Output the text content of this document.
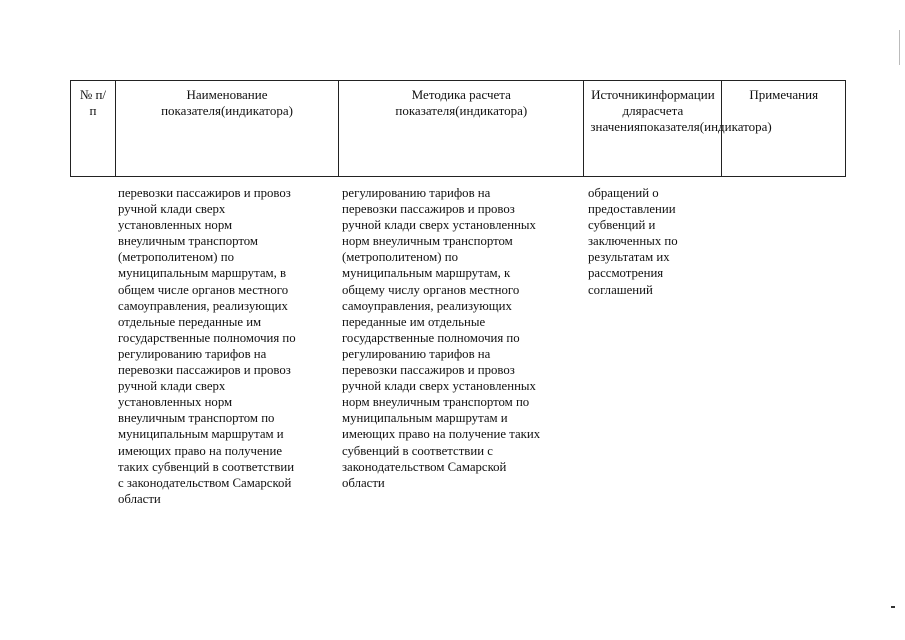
№ п/п
Наименование показателя(индикатора)
Методика расчета показателя(индикатора)
Источникинформации длярасчета значенияпоказателя(индикатора)
Примечания
перевозки пассажиров и провоз
ручной клади сверх
установленных норм
внеуличным транспортом
(метрополитеном) по
муниципальным маршрутам, в
общем числе органов местного
самоуправления, реализующих
отдельные переданные им
государственные полномочия по
регулированию тарифов на
перевозки пассажиров и провоз
ручной клади сверх
установленных норм
внеуличным транспортом по
муниципальным маршрутам и
имеющих право на получение
таких субвенций в соответствии
с законодательством Самарской
области
регулированию тарифов на
перевозки пассажиров и провоз
ручной клади сверх установленных
норм внеуличным транспортом
(метрополитеном) по
муниципальным маршрутам, к
общему числу органов местного
самоуправления, реализующих
переданные им отдельные
государственные полномочия по
регулированию тарифов на
перевозки пассажиров и провоз
ручной клади сверх установленных
норм внеуличным транспортом по
муниципальным маршрутам и
имеющих право на получение таких
субвенций в соответствии с
законодательством Самарской
области
обращений о
предоставлении
субвенций и
заключенных по
результатам их
рассмотрения
соглашений
